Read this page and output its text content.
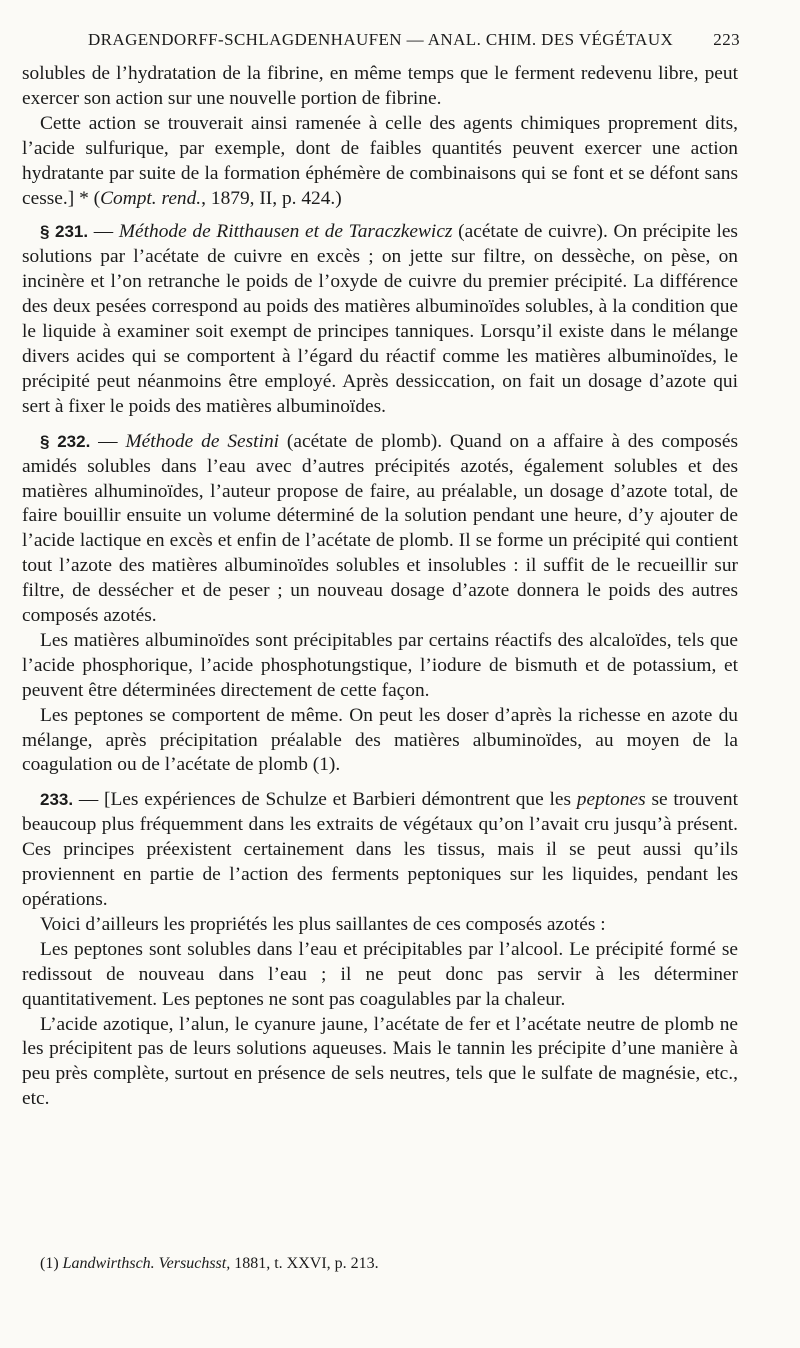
DRAGENDORFF-SCHLAGDENHAUFEN — ANAL. CHIM. DES VÉGÉTAUX 223

solubles de l’hydratation de la fibrine, en même temps que le ferment redevenu libre, peut exercer son action sur une nouvelle portion de fibrine.

Cette action se trouverait ainsi ramenée à celle des agents chimiques proprement dits, l’acide sulfurique, par exemple, dont de faibles quantités peuvent exercer une action hydratante par suite de la formation éphémère de combinaisons qui se font et se défont sans cesse.] * (Compt. rend., 1879, II, p. 424.)

§ 231. — Méthode de Ritthausen et de Taraczkewicz (acétate de cuivre). On précipite les solutions par l’acétate de cuivre en excès ; on jette sur filtre, on dessèche, on pèse, on incinère et l’on retranche le poids de l’oxyde de cuivre du premier précipité. La différence des deux pesées correspond au poids des matières albuminoïdes solubles, à la condition que le liquide à examiner soit exempt de principes tanniques. Lorsqu’il existe dans le mélange divers acides qui se comportent à l’égard du réactif comme les matières albuminoïdes, le précipité peut néanmoins être employé. Après dessiccation, on fait un dosage d’azote qui sert à fixer le poids des matières albuminoïdes.

§ 232. — Méthode de Sestini (acétate de plomb). Quand on a affaire à des composés amidés solubles dans l’eau avec d’autres précipités azotés, également solubles et des matières alhuminoïdes, l’auteur propose de faire, au préalable, un dosage d’azote total, de faire bouillir ensuite un volume déterminé de la solution pendant une heure, d’y ajouter de l’acide lactique en excès et enfin de l’acétate de plomb. Il se forme un précipité qui contient tout l’azote des matières albuminoïdes solubles et insolubles : il suffit de le recueillir sur filtre, de dessécher et de peser ; un nouveau dosage d’azote donnera le poids des autres composés azotés.

Les matières albuminoïdes sont précipitables par certains réactifs des alcaloïdes, tels que l’acide phosphorique, l’acide phosphotungstique, l’iodure de bismuth et de potassium, et peuvent être déterminées directement de cette façon.

Les peptones se comportent de même. On peut les doser d’après la richesse en azote du mélange, après précipitation préalable des matières albuminoïdes, au moyen de la coagulation ou de l’acétate de plomb (1).

233. — [Les expériences de Schulze et Barbieri démontrent que les peptones se trouvent beaucoup plus fréquemment dans les extraits de végétaux qu’on l’avait cru jusqu’à présent. Ces principes préexistent certainement dans les tissus, mais il se peut aussi qu’ils proviennent en partie de l’action des ferments peptoniques sur les liquides, pendant les opérations.

Voici d’ailleurs les propriétés les plus saillantes de ces composés azotés :

Les peptones sont solubles dans l’eau et précipitables par l’alcool. Le précipité formé se redissout de nouveau dans l’eau ; il ne peut donc pas servir à les déterminer quantitativement. Les peptones ne sont pas coagulables par la chaleur.

L’acide azotique, l’alun, le cyanure jaune, l’acétate de fer et l’acétate neutre de plomb ne les précipitent pas de leurs solutions aqueuses. Mais le tannin les précipite d’une manière à peu près complète, surtout en présence de sels neutres, tels que le sulfate de magnésie, etc., etc.

(1) Landwirthsch. Versuchsst, 1881, t. XXVI, p. 213.
